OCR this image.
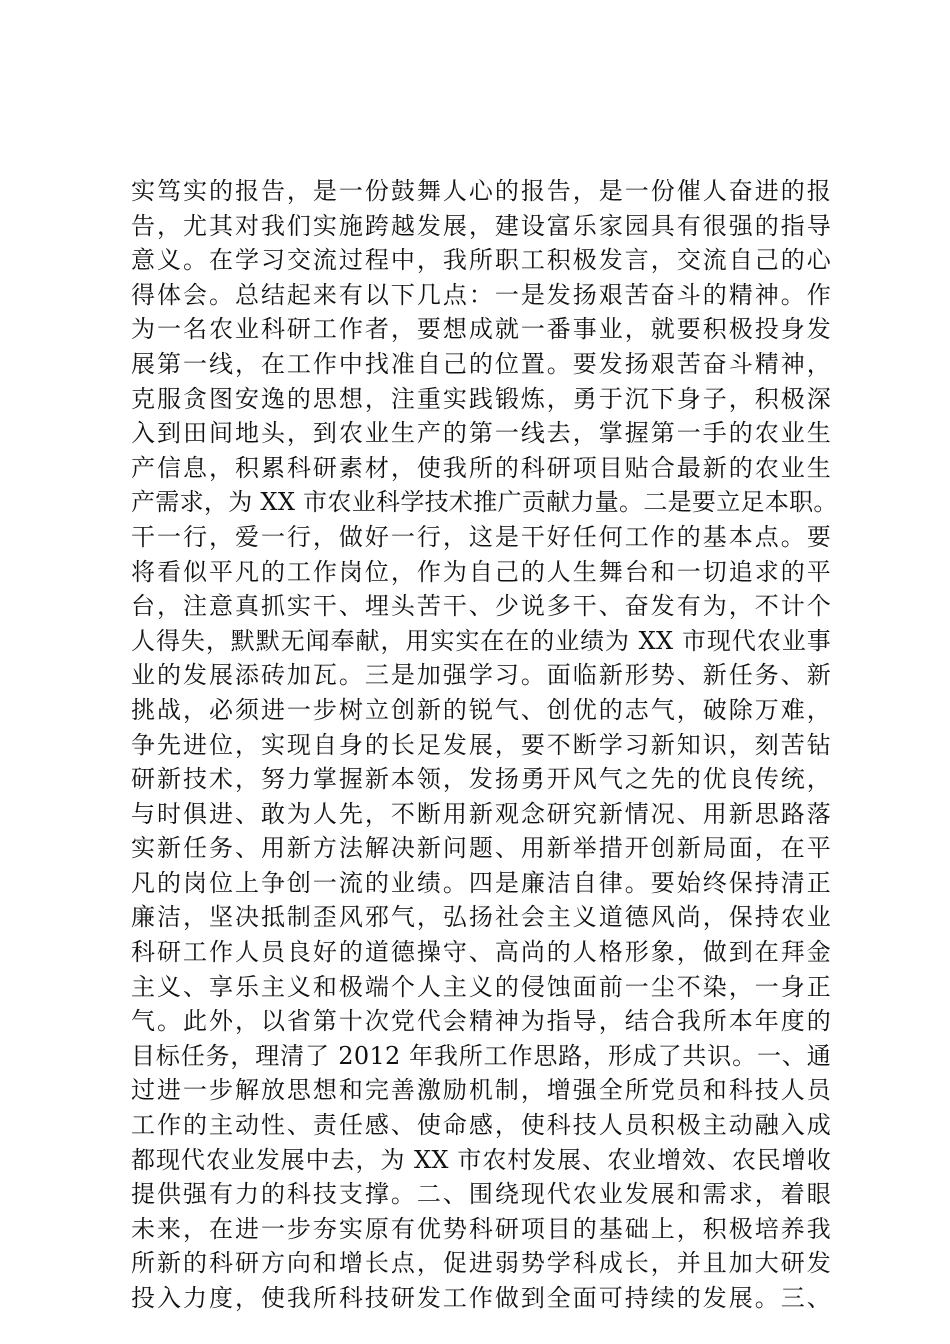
实笃实的报告，是一份鼓舞人心的报告，是一份催人奋进的报
告，尤其对我们实施跨越发展，建设富乐家园具有很强的指导
意义。在学习交流过程中，我所职工积极发言，交流自己的心
得体会。总结起来有以下几点：一是发扬艰苦奋斗的精神。作
为一名农业科研工作者，要想成就一番事业，就要积极投身发
展第一线，在工作中找准自己的位置。要发扬艰苦奋斗精神，
克服贪图安逸的思想，注重实践锻炼，勇于沉下身子，积极深
入到田间地头，到农业生产的第一线去，掌握第一手的农业生
产信息，积累科研素材，使我所的科研项目贴合最新的农业生
产需求，为 XX 市农业科学技术推广贡献力量。二是要立足本职。
干一行，爱一行，做好一行，这是干好任何工作的基本点。要
将看似平凡的工作岗位，作为自己的人生舞台和一切追求的平
台，注意真抓实干、埋头苦干、少说多干、奋发有为，不计个
人得失，默默无闻奉献，用实实在在的业绩为 XX 市现代农业事
业的发展添砖加瓦。三是加强学习。面临新形势、新任务、新
挑战，必须进一步树立创新的锐气、创优的志气，破除万难，
争先进位，实现自身的长足发展，要不断学习新知识，刻苦钻
研新技术，努力掌握新本领，发扬勇开风气之先的优良传统，
与时俱进、敢为人先，不断用新观念研究新情况、用新思路落
实新任务、用新方法解决新问题、用新举措开创新局面，在平
凡的岗位上争创一流的业绩。四是廉洁自律。要始终保持清正
廉洁，坚决抵制歪风邪气，弘扬社会主义道德风尚，保持农业
科研工作人员良好的道德操守、高尚的人格形象，做到在拜金
主义、享乐主义和极端个人主义的侵蚀面前一尘不染，一身正
气。此外，以省第十次党代会精神为指导，结合我所本年度的
目标任务，理清了 2012 年我所工作思路，形成了共识。一、通
过进一步解放思想和完善激励机制，增强全所党员和科技人员
工作的主动性、责任感、使命感，使科技人员积极主动融入成
都现代农业发展中去，为 XX 市农村发展、农业增效、农民增收
提供强有力的科技支撑。二、围绕现代农业发展和需求，着眼
未来，在进一步夯实原有优势科研项目的基础上，积极培养我
所新的科研方向和增长点，促进弱势学科成长，并且加大研发
投入力度，使我所科技研发工作做到全面可持续的发展。三、
